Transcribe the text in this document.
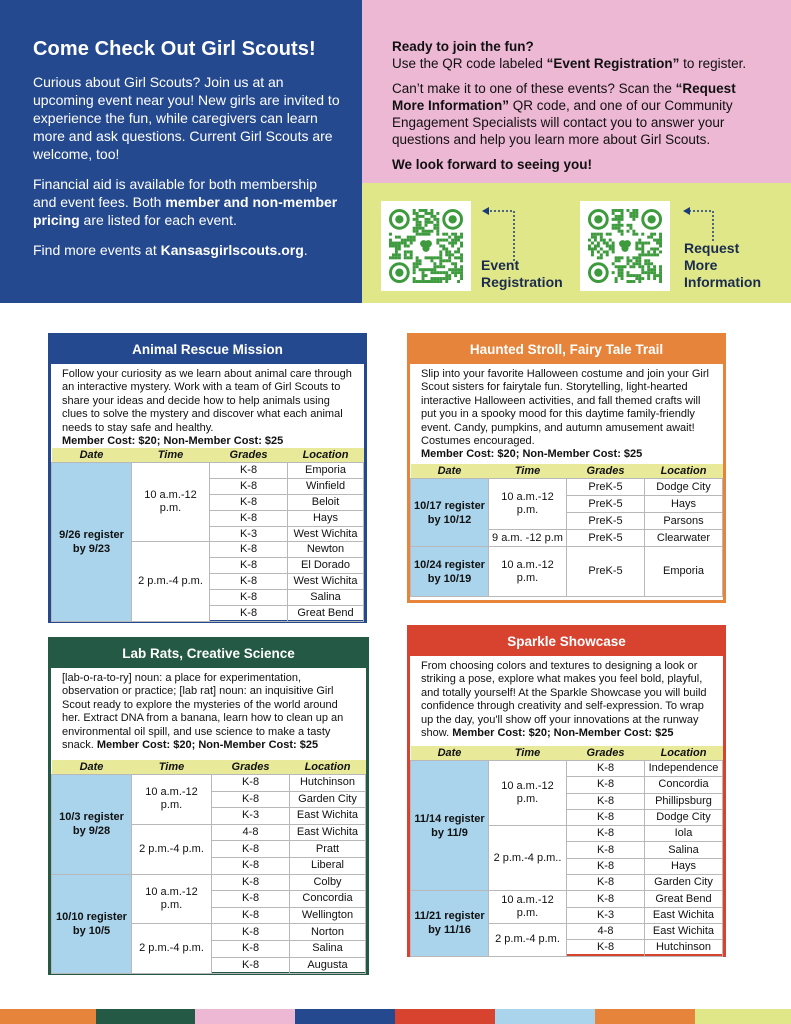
Come Check Out Girl Scouts!

Curious about Girl Scouts? Join us at an upcoming event near you! New girls are invited to experience the fun, while caregivers can learn more and ask questions. Current Girl Scouts are welcome, too!

Financial aid is available for both membership and event fees. Both member and non-member pricing are listed for each event.

Find more events at Kansasgirlscouts.org.

Ready to join the fun?

Use the QR code labeled “Event Registration” to register.

Can’t make it to one of these events? Scan the “Request More Information” QR code, and one of our Community Engagement Specialists will contact you to answer your questions and help you learn more about Girl Scouts.

We look forward to seeing you!

Event
Registration
Request
More
Information
Animal Rescue Mission
Follow your curiosity as we learn about animal care through an interactive mystery. Work with a team of Girl Scouts to share your ideas and decide how to help animals using clues to solve the mystery and discover what each animal needs to stay safe and healthy.
Member Cost: $20; Non-Member Cost: $25
Date	Time	Grades	Location
9/26 register by 9/23	10 a.m.-12 p.m.	K-8	Emporia
		K-8	Winfield
		K-8	Beloit
		K-8	Hays
		K-3	West Wichita
	2 p.m.-4 p.m.	K-8	Newton
		K-8	El Dorado
		K-8	West Wichita
		K-8	Salina
		K-8	Great Bend
Haunted Stroll, Fairy Tale Trail
Slip into your favorite Halloween costume and join your Girl Scout sisters for fairytale fun. Storytelling, light-hearted interactive Halloween activities, and fall themed crafts will put you in a spooky mood for this daytime family-friendly event. Candy, pumpkins, and autumn amusement await! Costumes encouraged.
Member Cost: $20; Non-Member Cost: $25
Date	Time	Grades	Location
10/17 register by 10/12	10 a.m.-12 p.m.	PreK-5	Dodge City
		PreK-5	Hays
		PreK-5	Parsons
	9 a.m. -12 p.m	PreK-5	Clearwater
10/24 register by 10/19	10 a.m.-12 p.m.	PreK-5	Emporia
Lab Rats, Creative Science
[lab-o-ra-to-ry] noun: a place for experimentation, observation or practice; [lab rat] noun: an inquisitive Girl Scout ready to explore the mysteries of the world around her. Extract DNA from a banana, learn how to clean up an environmental oil spill, and use science to make a tasty snack. Member Cost: $20; Non-Member Cost: $25
Date	Time	Grades	Location
10/3 register by 9/28	10 a.m.-12 p.m.	K-8	Hutchinson
		K-8	Garden City
		K-3	East Wichita
	2 p.m.-4 p.m.	4-8	East Wichita
		K-8	Pratt
		K-8	Liberal
10/10 register by 10/5	10 a.m.-12 p.m.	K-8	Colby
		K-8	Concordia
		K-8	Wellington
	2 p.m.-4 p.m.	K-8	Norton
		K-8	Salina
		K-8	Augusta
Sparkle Showcase
From choosing colors and textures to designing a look or striking a pose, explore what makes you feel bold, playful, and totally yourself! At the Sparkle Showcase you will build confidence through creativity and self-expression. To wrap up the day, you'll show off your innovations at the runway show. Member Cost: $20; Non-Member Cost: $25
Date	Time	Grades	Location
11/14 register by 11/9	10 a.m.-12 p.m.	K-8	Independence
		K-8	Concordia
		K-8	Phillipsburg
		K-8	Dodge City
	2 p.m.-4 p.m..	K-8	Iola
		K-8	Salina
		K-8	Hays
		K-8	Garden City
11/21 register by 11/16	10 a.m.-12 p.m.	K-8	Great Bend
		K-3	East Wichita
	2 p.m.-4 p.m.	4-8	East Wichita
		K-8	Hutchinson
